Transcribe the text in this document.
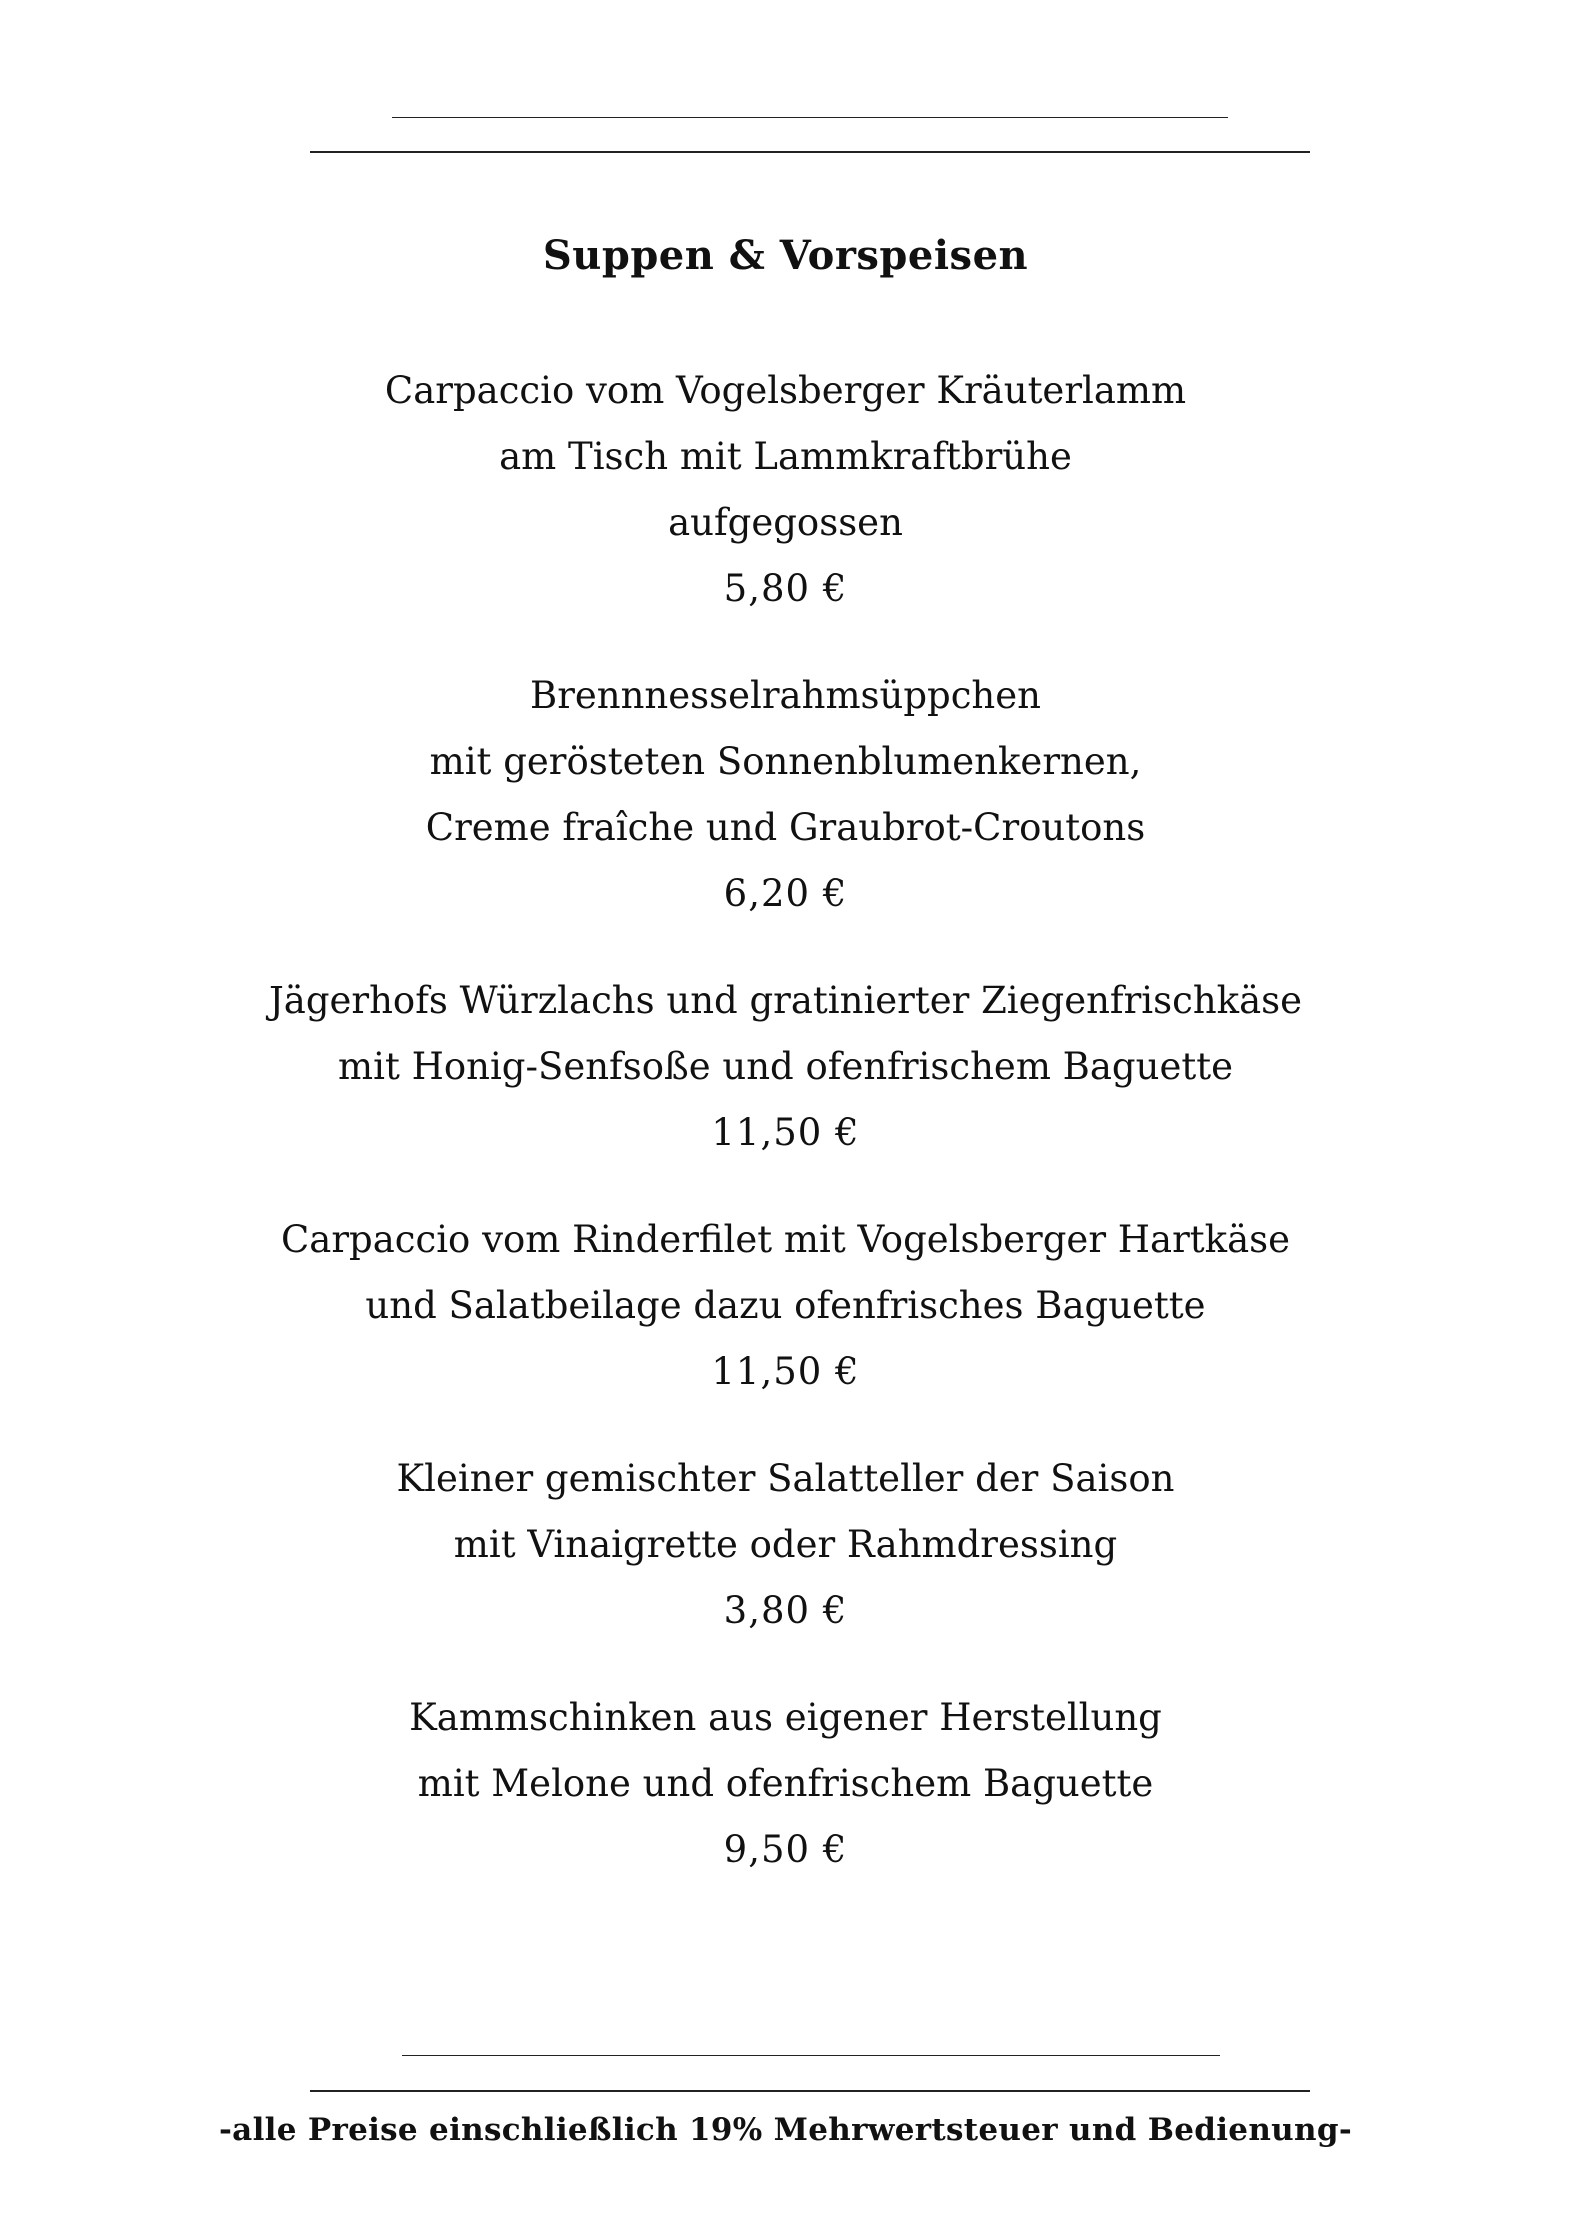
Suppen & Vorspeisen
Carpaccio vom Vogelsberger Kräuterlamm
am Tisch mit Lammkraftbrühe
aufgegossen
5,80 €
Brennnesselrahmsüppchen
mit gerösteten Sonnenblumenkernen,
Creme fraîche und Graubrot-Croutons
6,20 €
Jägerhofs Würzlachs und gratinierter Ziegenfrischkäse
mit Honig-Senfsoße und ofenfrischem Baguette
11,50 €
Carpaccio vom Rinderfilet mit Vogelsberger Hartkäse
und Salatbeilage dazu ofenfrisches Baguette
11,50 €
Kleiner gemischter Salatteller der Saison
mit Vinaigrette oder Rahmdressing
3,80 €
Kammschinken aus eigener Herstellung
mit Melone und ofenfrischem Baguette
9,50 €
-alle Preise einschließlich 19% Mehrwertsteuer und Bedienung-
